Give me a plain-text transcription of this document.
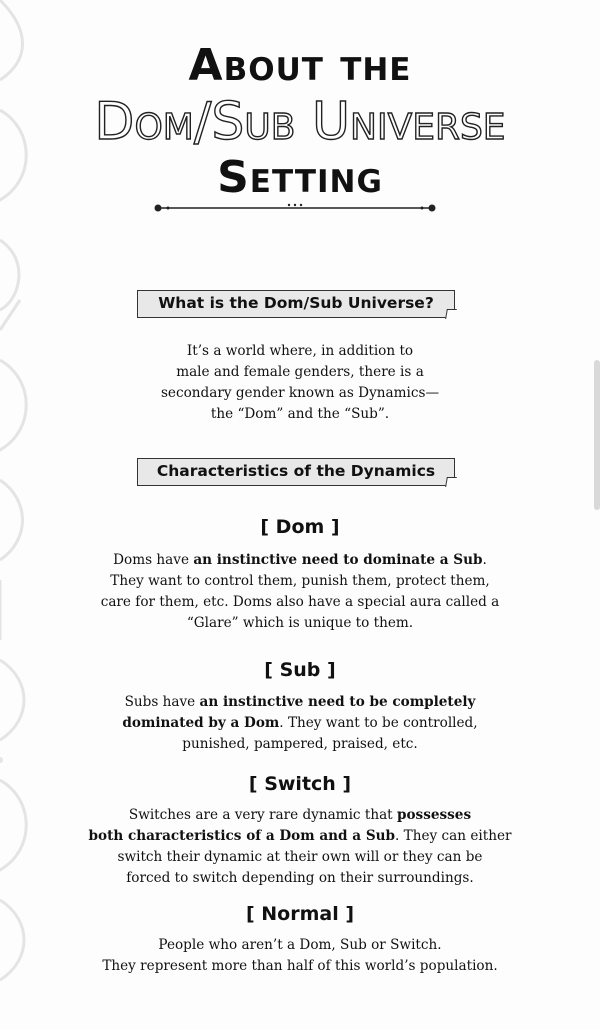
About the
Dom/Sub Universe
Setting
What is the Dom/Sub Universe?
It’s a world where, in addition to
male and female genders, there is a
secondary gender known as Dynamics—
the “Dom” and the “Sub”.
Characteristics of the Dynamics
[ Dom ]
Doms have an instinctive need to dominate a Sub.
They want to control them, punish them, protect them,
care for them, etc. Doms also have a special aura called a
“Glare” which is unique to them.
[ Sub ]
Subs have an instinctive need to be completely
dominated by a Dom. They want to be controlled,
punished, pampered, praised, etc.
[ Switch ]
Switches are a very rare dynamic that possesses
both characteristics of a Dom and a Sub. They can either
switch their dynamic at their own will or they can be
forced to switch depending on their surroundings.
[ Normal ]
People who aren’t a Dom, Sub or Switch.
They represent more than half of this world’s population.
